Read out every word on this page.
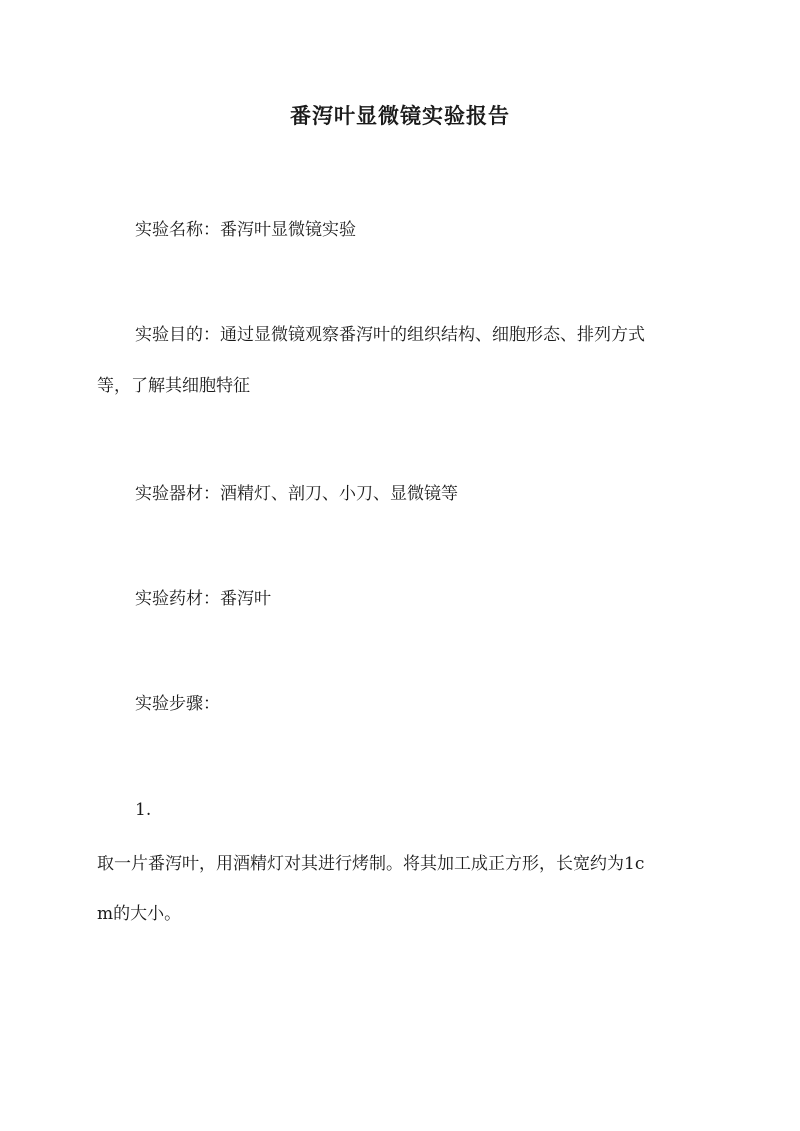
番泻叶显微镜实验报告
实验名称：番泻叶显微镜实验
实验目的：通过显微镜观察番泻叶的组织结构、细胞形态、排列方式
等，了解其细胞特征
实验器材：酒精灯、剖刀、小刀、显微镜等
实验药材：番泻叶
实验步骤：
1.
取一片番泻叶，用酒精灯对其进行烤制。将其加工成正方形，长宽约为1c
m的大小。
